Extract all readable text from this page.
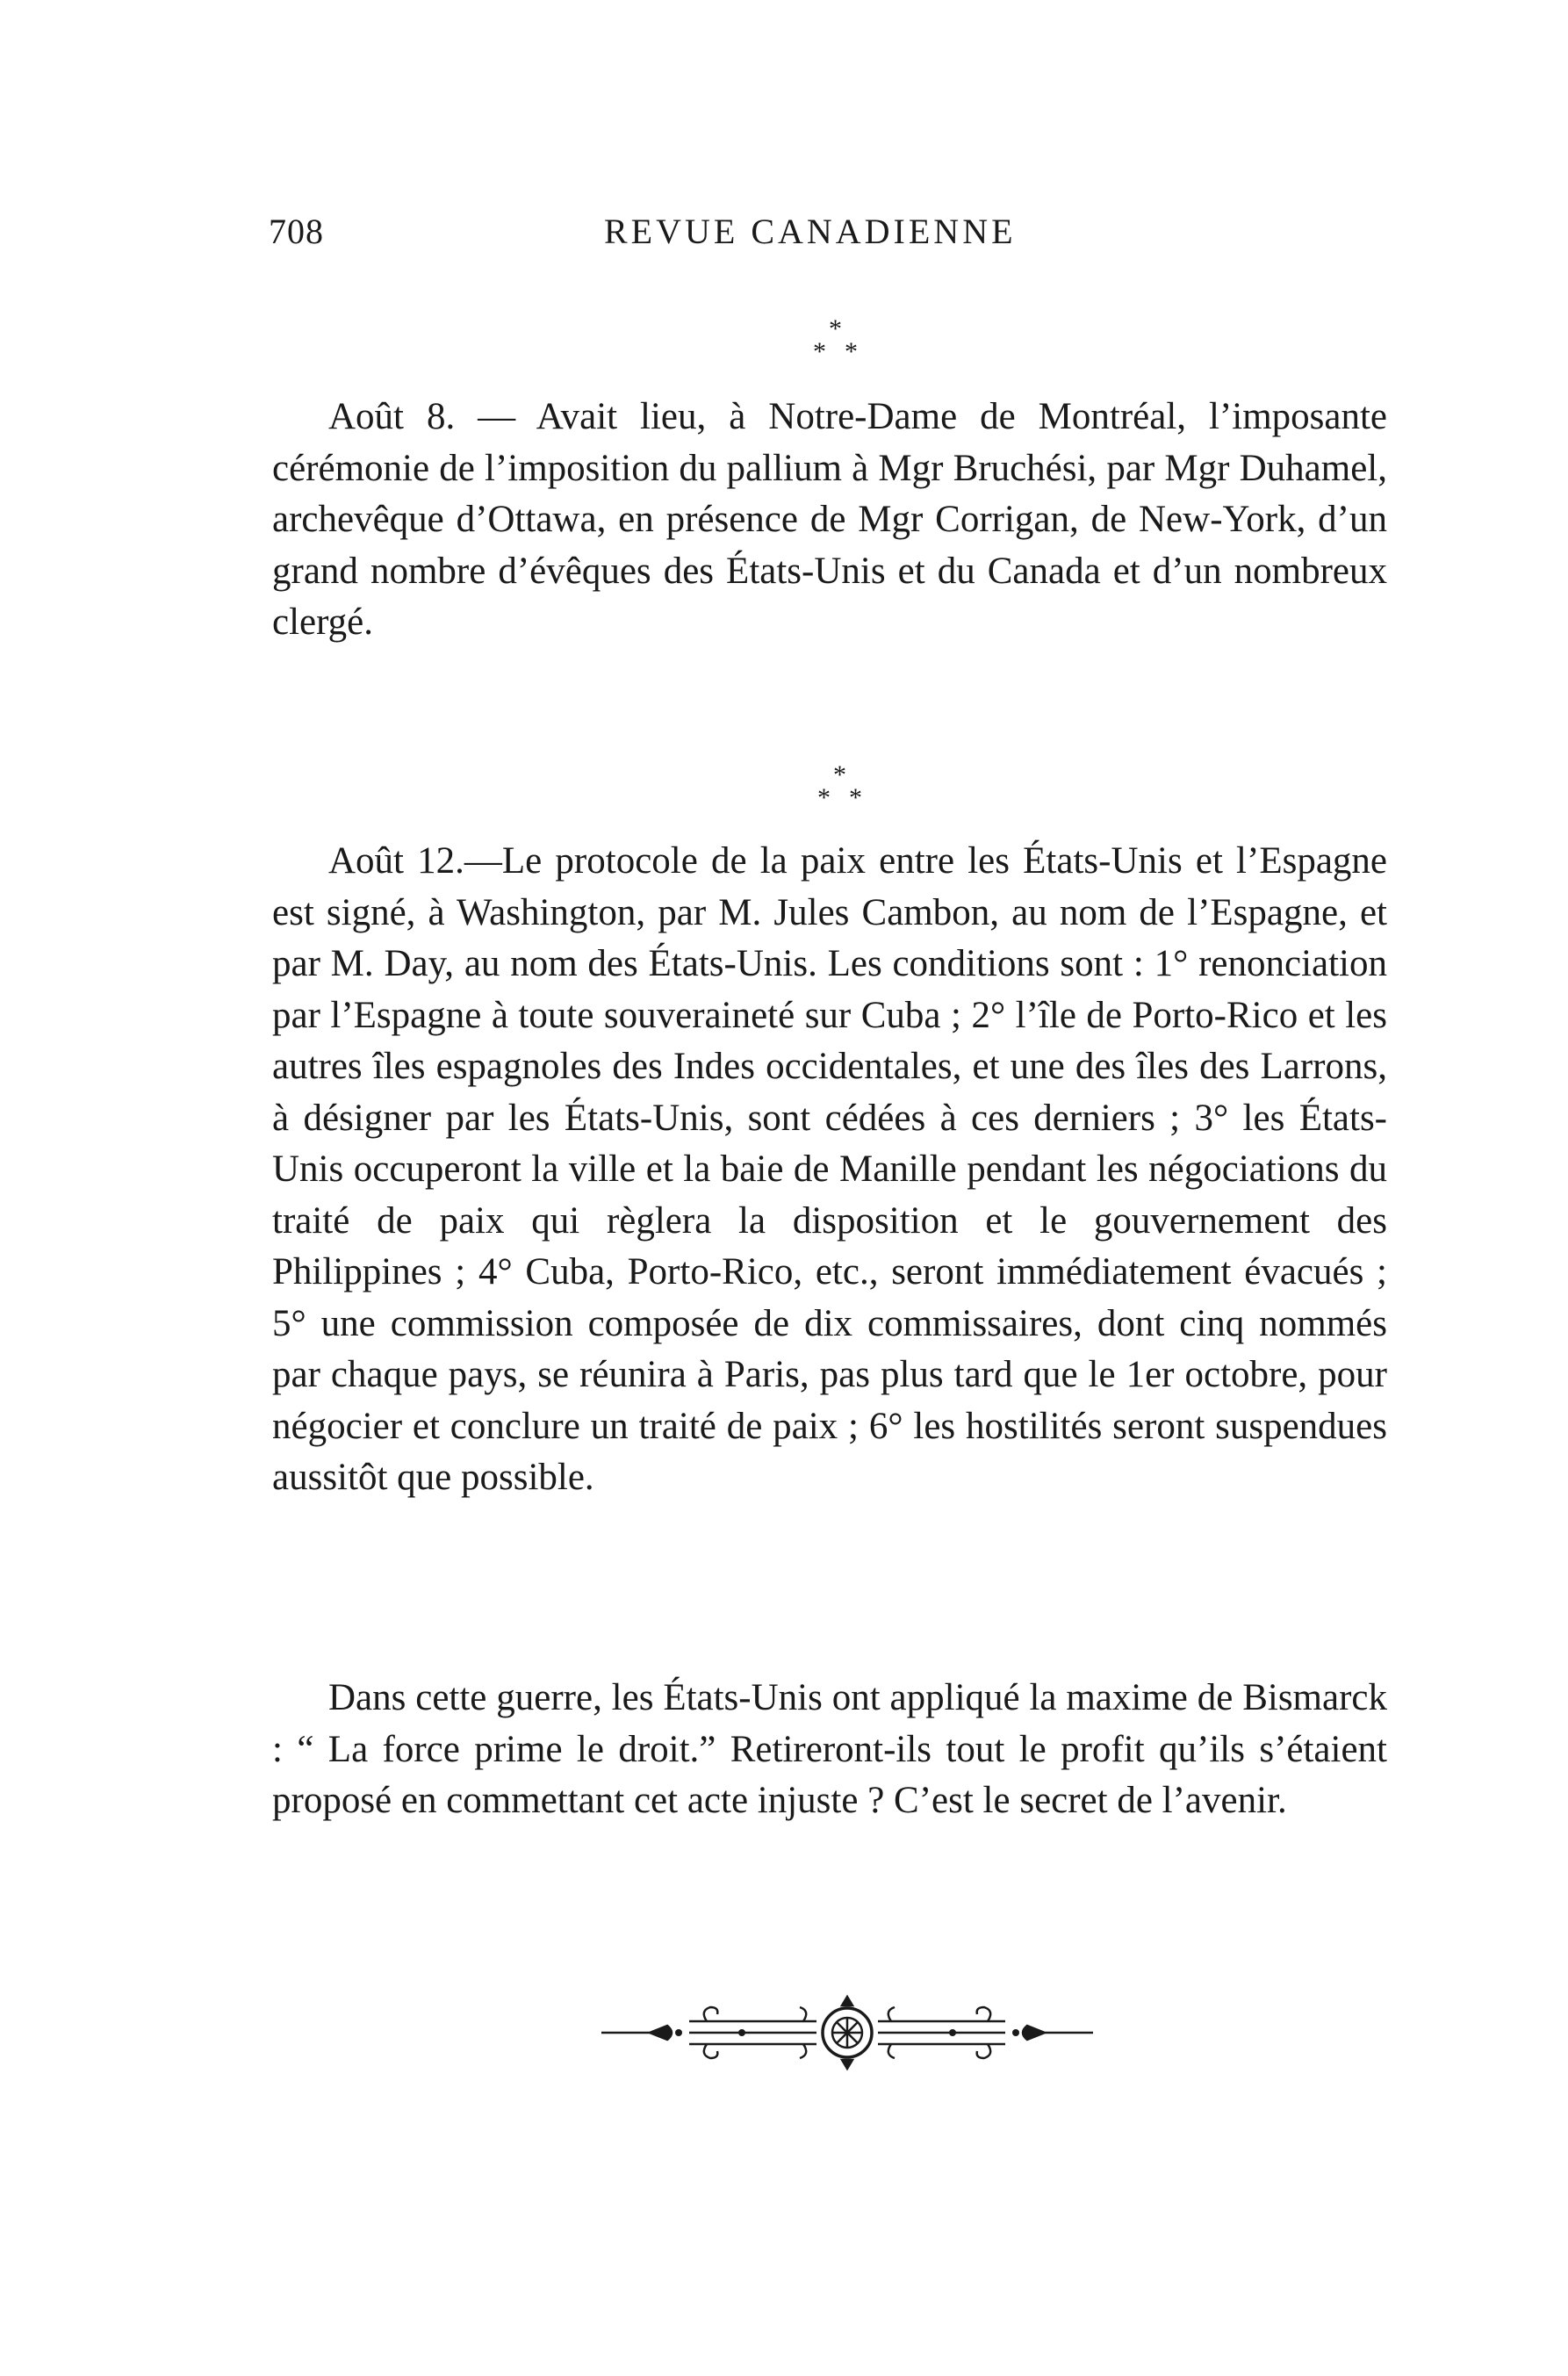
708	REVUE CANADIENNE
*
* *

Août 8. — Avait lieu, à Notre-Dame de Montréal, l’imposante cérémonie de l’imposition du pallium à Mgr Bruchési, par Mgr Duhamel, archevêque d’Ottawa, en présence de Mgr Corrigan, de New-York, d’un grand nombre d’évêques des États-Unis et du Canada et d’un nombreux clergé.

*
* *

Août 12.—Le protocole de la paix entre les États-Unis et l’Espagne est signé, à Washington, par M. Jules Cambon, au nom de l’Espagne, et par M. Day, au nom des États-Unis. Les conditions sont : 1° renonciation par l’Espagne à toute souveraineté sur Cuba ; 2° l’île de Porto-Rico et les autres îles espagnoles des Indes occidentales, et une des îles des Larrons, à désigner par les États-Unis, sont cédées à ces derniers ; 3° les États-Unis occuperont la ville et la baie de Manille pendant les négociations du traité de paix qui règlera la disposition et le gouvernement des Philippines ; 4° Cuba, Porto-Rico, etc., seront immédiatement évacués ; 5° une commission composée de dix commissaires, dont cinq nommés par chaque pays, se réunira à Paris, pas plus tard que le 1er octobre, pour négocier et conclure un traité de paix ; 6° les hostilités seront suspendues aussitôt que possible.

Dans cette guerre, les États-Unis ont appliqué la maxime de Bismarck : “ La force prime le droit.” Retireront-ils tout le profit qu’ils s’étaient proposé en commettant cet acte injuste ? C’est le secret de l’avenir.
